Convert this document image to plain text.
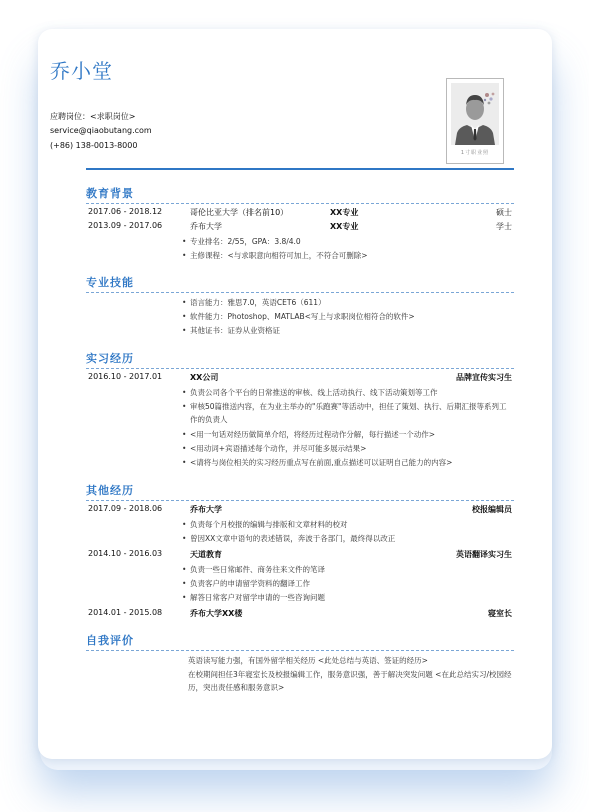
乔小堂
应聘岗位：<求职岗位>
service@qiaobutang.com
(+86) 138-0013-8000
1寸职业照
教育背景
2017.06 - 2018.12	哥伦比亚大学（排名前10）	XX专业	硕士
2013.09 - 2017.06	乔布大学	XX专业	学士
• 专业排名：2/55，GPA：3.8/4.0
• 主修课程：<与求职意向相符可加上，不符合可删除>
专业技能
• 语言能力：雅思7.0，英语CET6（611）
• 软件能力：Photoshop、MATLAB<写上与求职岗位相符合的软件>
• 其他证书：证券从业资格证
实习经历
2016.10 - 2017.01	XX公司	品牌宣传实习生
• 负责公司各个平台的日常推送的审核、线上活动执行、线下活动策划等工作
• 审核50篇推送内容，在为业主举办的"乐跑赛"等活动中，担任了策划、执行、后期汇报等系列工作的负责人
• <用一句话对经历做简单介绍，将经历过程动作分解，每行描述一个动作>
• <用动词+宾语描述每个动作，并尽可能多展示结果>
• <请将与岗位相关的实习经历重点写在前面,重点描述可以证明自己能力的内容>
其他经历
2017.09 - 2018.06	乔布大学	校报编辑员
• 负责每个月校报的编辑与排版和文章材料的校对
• 曾因XX文章中语句的表述错误，奔波于各部门，最终得以改正
2014.10 - 2016.03	天道教育	英语翻译实习生
• 负责一些日常邮件、商务往来文件的笔译
• 负责客户的申请留学资料的翻译工作
• 解答日常客户对留学申请的一些咨询问题
2014.01 - 2015.08	乔布大学XX楼	寝室长
自我评价
英语读写能力强，有国外留学相关经历 <此处总结与英语、签证的经历>
在校期间担任3年寝室长及校报编辑工作，服务意识强，善于解决突发问题 <在此总结实习/校园经历，突出责任感和服务意识>
